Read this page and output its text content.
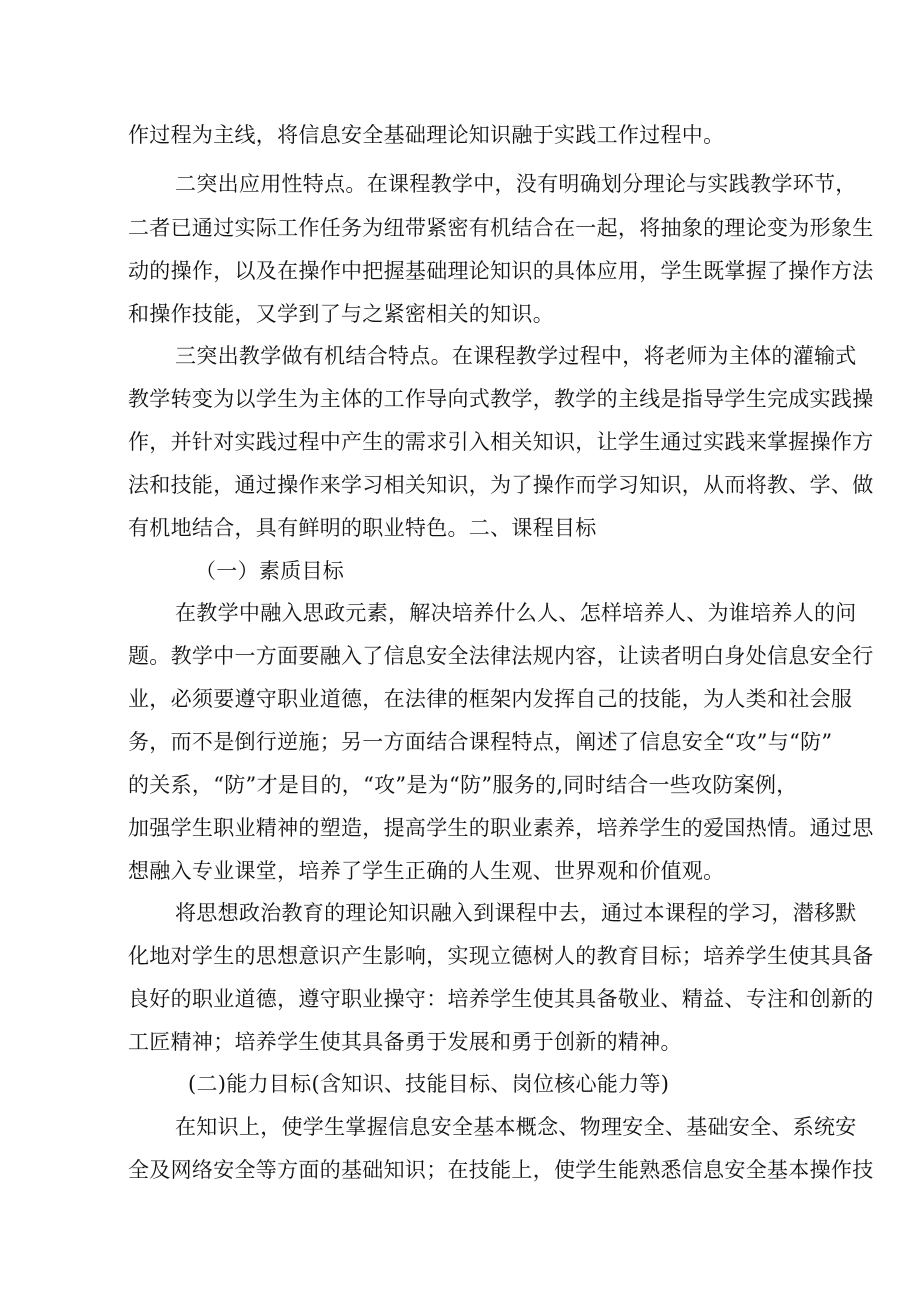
作过程为主线，将信息安全基础理论知识融于实践工作过程中。
二突出应用性特点。在课程教学中，没有明确划分理论与实践教学环节，
二者已通过实际工作任务为纽带紧密有机结合在一起，将抽象的理论变为形象生
动的操作，以及在操作中把握基础理论知识的具体应用，学生既掌握了操作方法
和操作技能，又学到了与之紧密相关的知识。
三突出教学做有机结合特点。在课程教学过程中，将老师为主体的灌输式
教学转变为以学生为主体的工作导向式教学，教学的主线是指导学生完成实践操
作，并针对实践过程中产生的需求引入相关知识，让学生通过实践来掌握操作方
法和技能，通过操作来学习相关知识，为了操作而学习知识，从而将教、学、做
有机地结合，具有鲜明的职业特色。二、课程目标
（一）素质目标
在教学中融入思政元素，解决培养什么人、怎样培养人、为谁培养人的问
题。教学中一方面要融入了信息安全法律法规内容，让读者明白身处信息安全行
业，必须要遵守职业道德，在法律的框架内发挥自己的技能，为人类和社会服
务，而不是倒行逆施；另一方面结合课程特点，阐述了信息安全“攻”与“防”
的关系，“防”才是目的，“攻”是为“防”服务的,同时结合一些攻防案例，
加强学生职业精神的塑造，提高学生的职业素养，培养学生的爱国热情。通过思
想融入专业课堂，培养了学生正确的人生观、世界观和价值观。
将思想政治教育的理论知识融入到课程中去，通过本课程的学习，潜移默
化地对学生的思想意识产生影响，实现立德树人的教育目标；培养学生使其具备
良好的职业道德，遵守职业操守：培养学生使其具备敬业、精益、专注和创新的
工匠精神；培养学生使其具备勇于发展和勇于创新的精神。
(二)能力目标(含知识、技能目标、岗位核心能力等)
在知识上，使学生掌握信息安全基本概念、物理安全、基础安全、系统安
全及网络安全等方面的基础知识；在技能上，使学生能熟悉信息安全基本操作技
